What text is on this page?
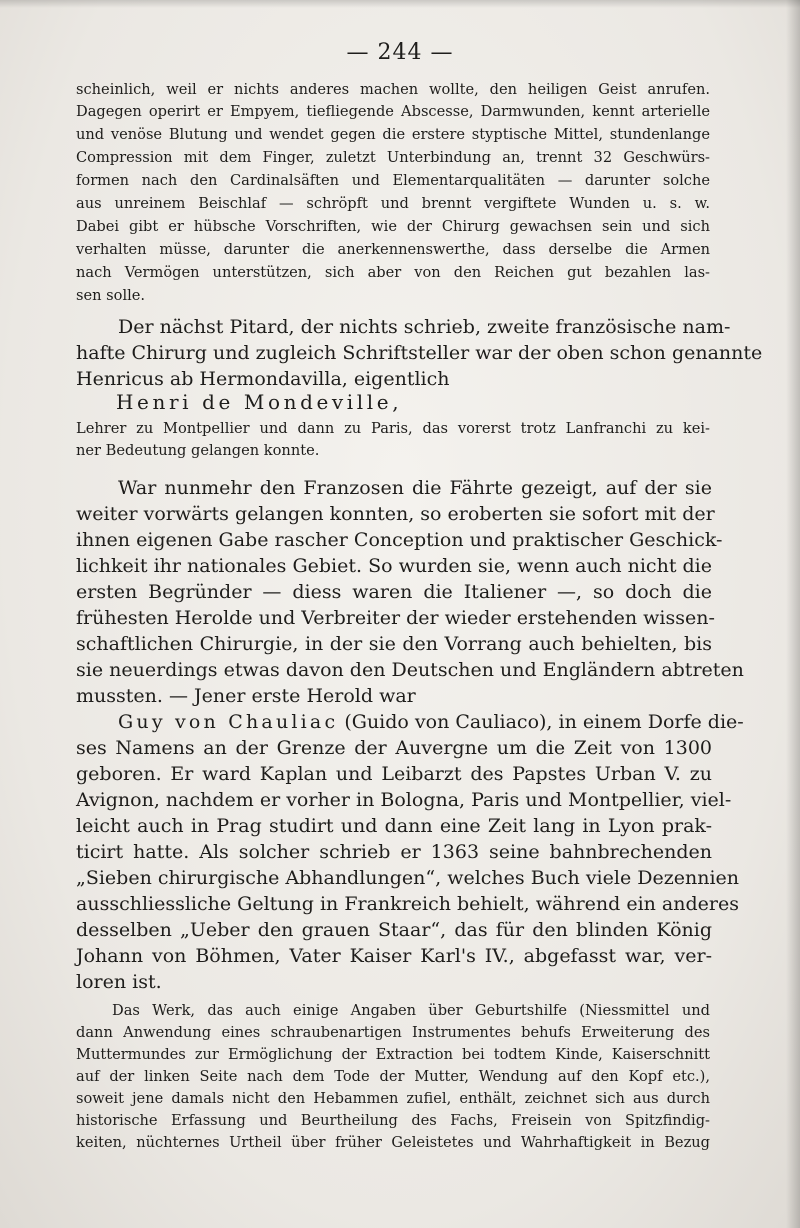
— 244 —
scheinlich, weil er nichts anderes machen wollte, den heiligen Geist anrufen.
Dagegen operirt er Empyem, tiefliegende Abscesse, Darmwunden, kennt arterielle
und venöse Blutung und wendet gegen die erstere styptische Mittel, stundenlange
Compression mit dem Finger, zuletzt Unterbindung an, trennt 32 Geschwürs-
formen nach den Cardinalsäften und Elementarqualitäten — darunter solche
aus unreinem Beischlaf — schröpft und brennt vergiftete Wunden u. s. w.
Dabei gibt er hübsche Vorschriften, wie der Chirurg gewachsen sein und sich
verhalten müsse, darunter die anerkennenswerthe, dass derselbe die Armen
nach Vermögen unterstützen, sich aber von den Reichen gut bezahlen las-
sen solle.
Der nächst Pitard, der nichts schrieb, zweite französische nam-
hafte Chirurg und zugleich Schriftsteller war der oben schon genannte
Henricus ab Hermondavilla, eigentlich
Henri de Mondeville,
Lehrer zu Montpellier und dann zu Paris, das vorerst trotz Lanfranchi zu kei-
ner Bedeutung gelangen konnte.
War nunmehr den Franzosen die Fährte gezeigt, auf der sie
weiter vorwärts gelangen konnten, so eroberten sie sofort mit der
ihnen eigenen Gabe rascher Conception und praktischer Geschick-
lichkeit ihr nationales Gebiet. So wurden sie, wenn auch nicht die
ersten Begründer — diess waren die Italiener —, so doch die
frühesten Herolde und Verbreiter der wieder erstehenden wissen-
schaftlichen Chirurgie, in der sie den Vorrang auch behielten, bis
sie neuerdings etwas davon den Deutschen und Engländern abtreten
mussten. — Jener erste Herold war
Guy von Chauliac (Guido von Cauliaco), in einem Dorfe die-
ses Namens an der Grenze der Auvergne um die Zeit von 1300
geboren. Er ward Kaplan und Leibarzt des Papstes Urban V. zu
Avignon, nachdem er vorher in Bologna, Paris und Montpellier, viel-
leicht auch in Prag studirt und dann eine Zeit lang in Lyon prak-
ticirt hatte. Als solcher schrieb er 1363 seine bahnbrechenden
„Sieben chirurgische Abhandlungen“, welches Buch viele Dezennien
ausschliessliche Geltung in Frankreich behielt, während ein anderes
desselben „Ueber den grauen Staar“, das für den blinden König
Johann von Böhmen, Vater Kaiser Karl's IV., abgefasst war, ver-
loren ist.
Das Werk, das auch einige Angaben über Geburtshilfe (Niessmittel und
dann Anwendung eines schraubenartigen Instrumentes behufs Erweiterung des
Muttermundes zur Ermöglichung der Extraction bei todtem Kinde, Kaiserschnitt
auf der linken Seite nach dem Tode der Mutter, Wendung auf den Kopf etc.),
soweit jene damals nicht den Hebammen zufiel, enthält, zeichnet sich aus durch
historische Erfassung und Beurtheilung des Fachs, Freisein von Spitzfindig-
keiten, nüchternes Urtheil über früher Geleistetes und Wahrhaftigkeit in Bezug
